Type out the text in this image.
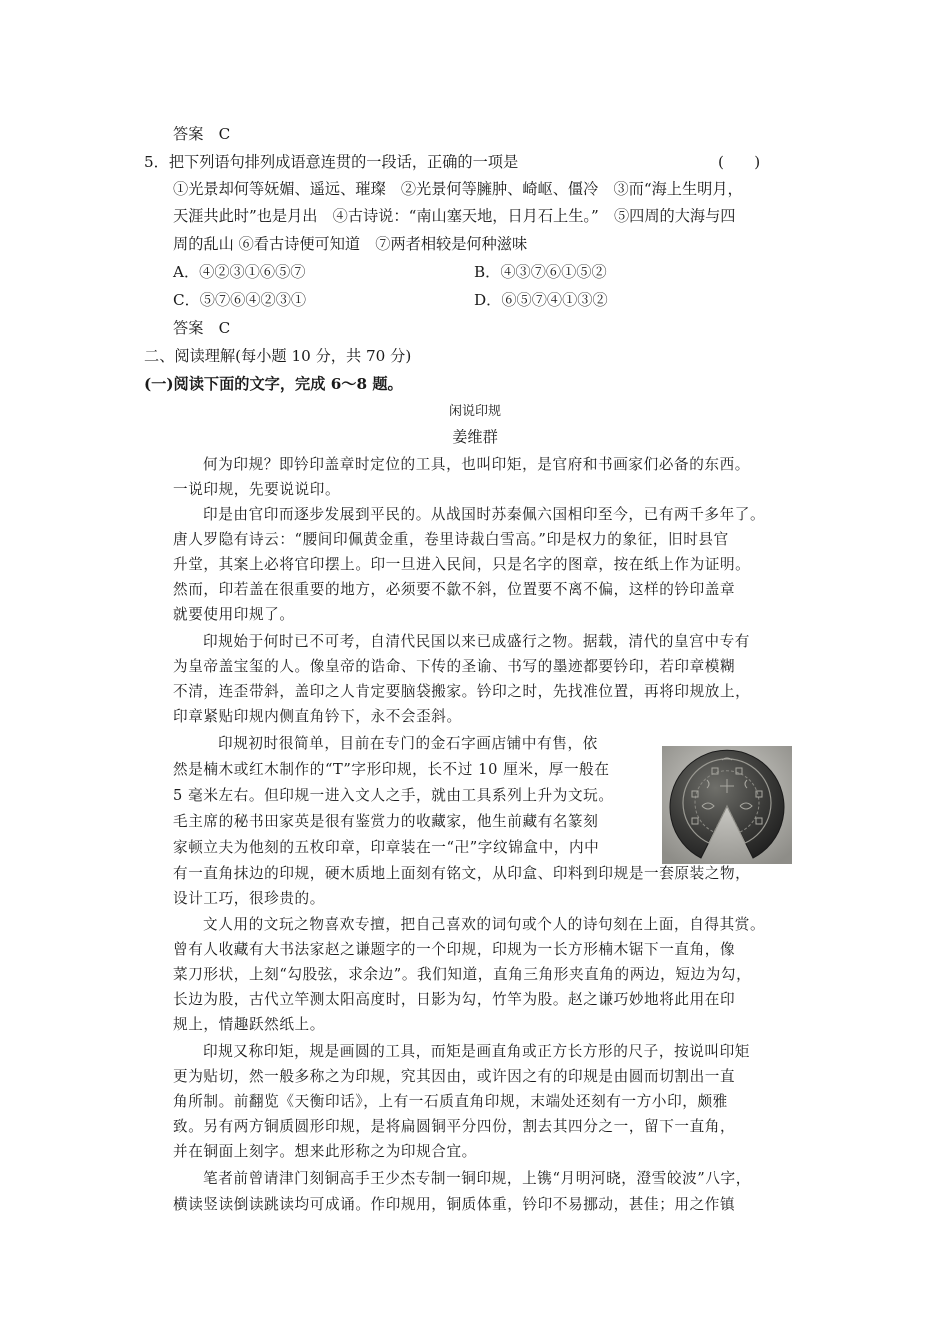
答案　C
5．把下列语句排列成语意连贯的一段话，正确的一项是	(　　)
①光景却何等妩媚、遥远、璀璨　②光景何等臃肿、崎岖、僵冷　③而“海上生明月，
天涯共此时”也是月出　④古诗说：“南山塞天地，日月石上生。”　⑤四周的大海与四
周的乱山 ⑥看古诗便可知道　⑦两者相较是何种滋味
A．④②③①⑥⑤⑦	B．④③⑦⑥①⑤②
C．⑤⑦⑥④②③①	D．⑥⑤⑦④①③②
答案　C
二、阅读理解(每小题 10 分，共 70 分)
(一)阅读下面的文字，完成 6～8 题。
闲说印规
姜维群
何为印规？即钤印盖章时定位的工具，也叫印矩，是官府和书画家们必备的东西。
一说印规，先要说说印。
印是由官印而逐步发展到平民的。从战国时苏秦佩六国相印至今，已有两千多年了。
唐人罗隐有诗云：“腰间印佩黄金重，卷里诗裁白雪高。”印是权力的象征，旧时县官
升堂，其案上必将官印摆上。印一旦进入民间，只是名字的图章，按在纸上作为证明。
然而，印若盖在很重要的地方，必须要不歙不斜，位置要不离不偏，这样的钤印盖章
就要使用印规了。
印规始于何时已不可考，自清代民国以来已成盛行之物。据载，清代的皇宫中专有
为皇帝盖宝玺的人。像皇帝的诰命、下传的圣谕、书写的墨迹都要钤印，若印章模糊
不清，连歪带斜，盖印之人肯定要脑袋搬家。钤印之时，先找准位置，再将印规放上，
印章紧贴印规内侧直角钤下，永不会歪斜。
印规初时很简单，目前在专门的金石字画店铺中有售，依
然是楠木或红木制作的“T”字形印规，长不过 10 厘米，厚一般在
5 毫米左右。但印规一进入文人之手，就由工具系列上升为文玩。
毛主席的秘书田家英是很有鉴赏力的收藏家，他生前藏有名篆刻
家顿立夫为他刻的五枚印章，印章装在一“卍”字纹锦盒中，内中
有一直角抹边的印规，硬木质地上面刻有铭文，从印盒、印料到印规是一套原装之物，
设计工巧，很珍贵的。
文人用的文玩之物喜欢专擅，把自己喜欢的词句或个人的诗句刻在上面，自得其赏。
曾有人收藏有大书法家赵之谦题字的一个印规，印规为一长方形楠木锯下一直角，像
菜刀形状，上刻“勾股弦，求余边”。我们知道，直角三角形夹直角的两边，短边为勾，
长边为股，古代立竿测太阳高度时，日影为勾，竹竿为股。赵之谦巧妙地将此用在印
规上，情趣跃然纸上。
印规又称印矩，规是画圆的工具，而矩是画直角或正方长方形的尺子，按说叫印矩
更为贴切，然一般多称之为印规，究其因由，或许因之有的印规是由圆而切割出一直
角所制。前翻览《天衡印话》，上有一石质直角印规，末端处还刻有一方小印，颇雅
致。另有两方铜质圆形印规，是将扁圆铜平分四份，割去其四分之一，留下一直角，
并在铜面上刻字。想来此形称之为印规合宜。
笔者前曾请津门刻铜高手王少杰专制一铜印规，上镌“月明河晓，澄雪皎波”八字，
横读竖读倒读跳读均可成诵。作印规用，铜质体重，钤印不易挪动，甚佳；用之作镇
